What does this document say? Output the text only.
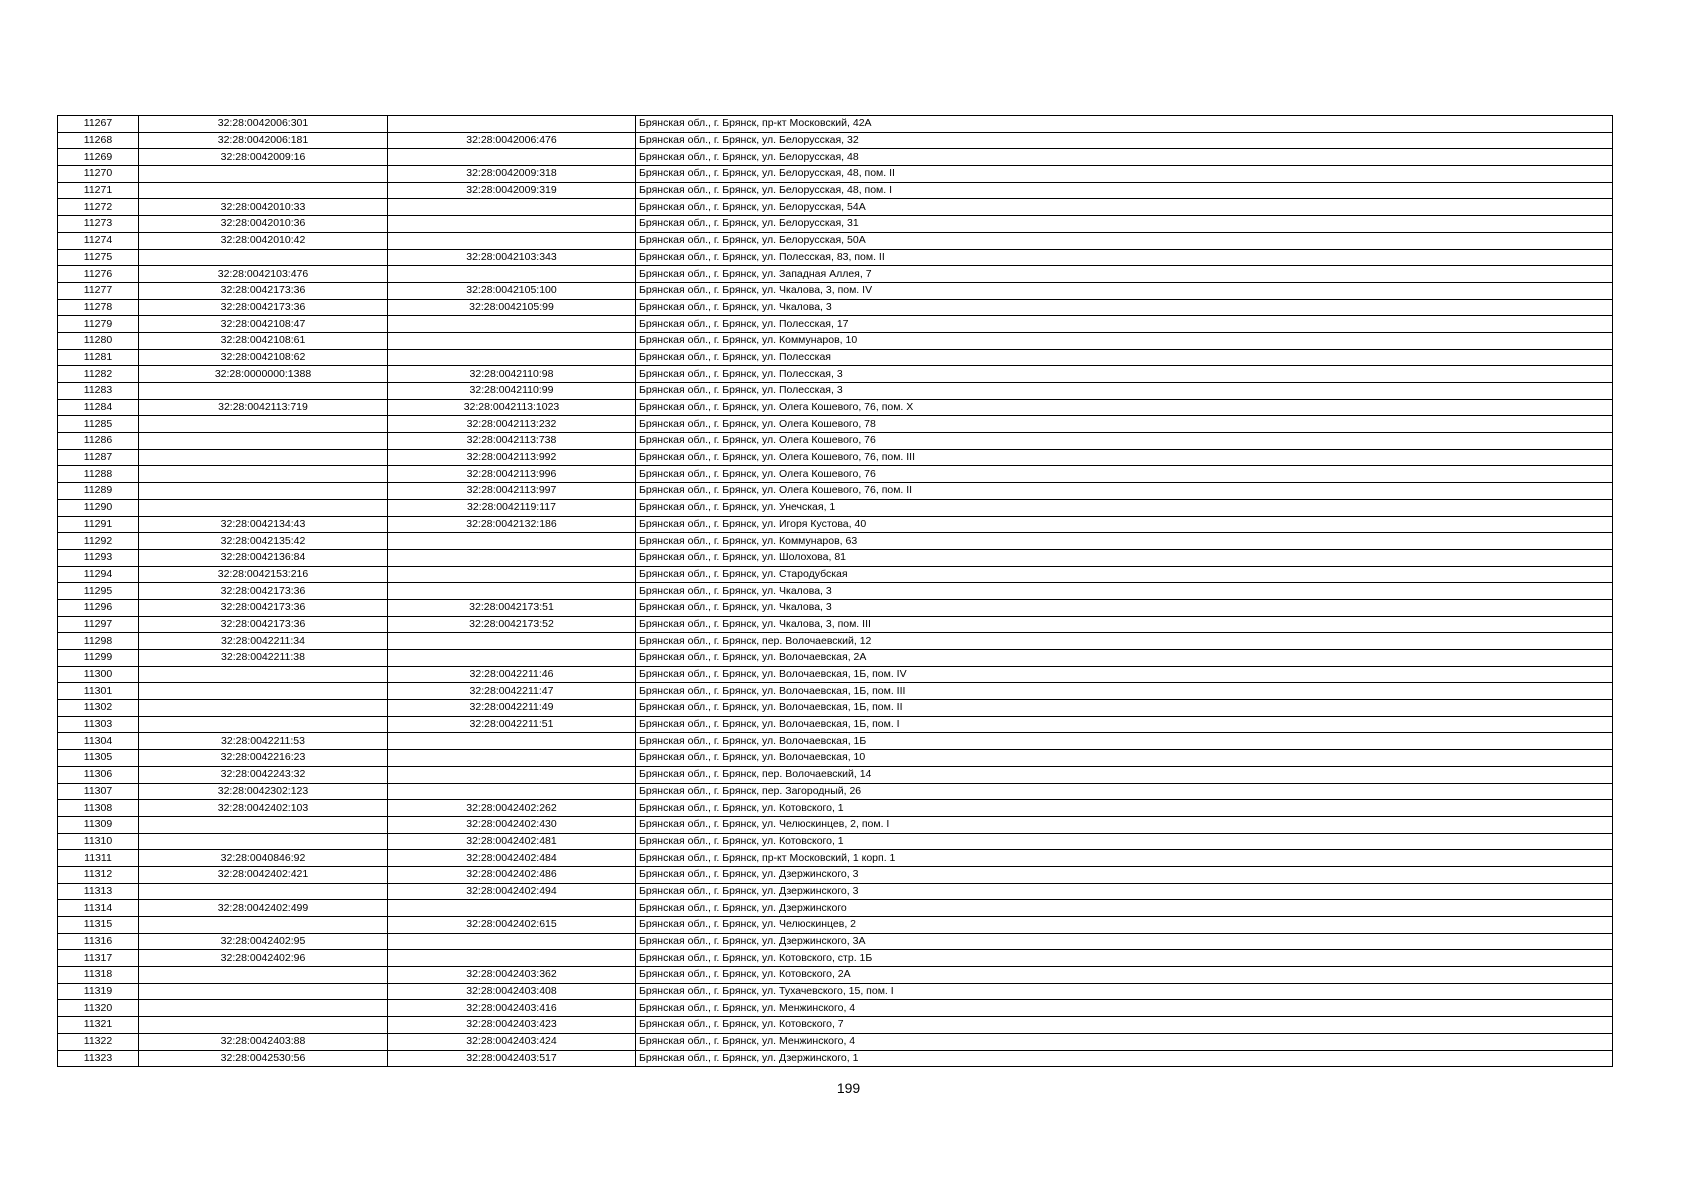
11267	32:28:0042006:301		Брянская обл., г. Брянск, пр-кт Московский, 42А
11268	32:28:0042006:181	32:28:0042006:476	Брянская обл., г. Брянск, ул. Белорусская, 32
11269	32:28:0042009:16		Брянская обл., г. Брянск, ул. Белорусская, 48
11270		32:28:0042009:318	Брянская обл., г. Брянск, ул. Белорусская, 48, пом. II
11271		32:28:0042009:319	Брянская обл., г. Брянск, ул. Белорусская, 48, пом. I
11272	32:28:0042010:33		Брянская обл., г. Брянск, ул. Белорусская, 54А
11273	32:28:0042010:36		Брянская обл., г. Брянск, ул. Белорусская, 31
11274	32:28:0042010:42		Брянская обл., г. Брянск, ул. Белорусская, 50А
11275		32:28:0042103:343	Брянская обл., г. Брянск, ул. Полесская, 83, пом. II
11276	32:28:0042103:476		Брянская обл., г. Брянск, ул. Западная Аллея, 7
11277	32:28:0042173:36	32:28:0042105:100	Брянская обл., г. Брянск, ул. Чкалова, 3, пом. IV
11278	32:28:0042173:36	32:28:0042105:99	Брянская обл., г. Брянск, ул. Чкалова, 3
11279	32:28:0042108:47		Брянская обл., г. Брянск, ул. Полесская, 17
11280	32:28:0042108:61		Брянская обл., г. Брянск, ул. Коммунаров, 10
11281	32:28:0042108:62		Брянская обл., г. Брянск, ул. Полесская
11282	32:28:0000000:1388	32:28:0042110:98	Брянская обл., г. Брянск, ул. Полесская, 3
11283		32:28:0042110:99	Брянская обл., г. Брянск, ул. Полесская, 3
11284	32:28:0042113:719	32:28:0042113:1023	Брянская обл., г. Брянск, ул. Олега Кошевого, 76, пом. X
11285		32:28:0042113:232	Брянская обл., г. Брянск, ул. Олега Кошевого, 78
11286		32:28:0042113:738	Брянская обл., г. Брянск, ул. Олега Кошевого, 76
11287		32:28:0042113:992	Брянская обл., г. Брянск, ул. Олега Кошевого, 76, пом. III
11288		32:28:0042113:996	Брянская обл., г. Брянск, ул. Олега Кошевого, 76
11289		32:28:0042113:997	Брянская обл., г. Брянск, ул. Олега Кошевого, 76, пом. II
11290		32:28:0042119:117	Брянская обл., г. Брянск, ул. Унечская, 1
11291	32:28:0042134:43	32:28:0042132:186	Брянская обл., г. Брянск, ул. Игоря Кустова, 40
11292	32:28:0042135:42		Брянская обл., г. Брянск, ул. Коммунаров, 63
11293	32:28:0042136:84		Брянская обл., г. Брянск, ул. Шолохова, 81
11294	32:28:0042153:216		Брянская обл., г. Брянск, ул. Стародубская
11295	32:28:0042173:36		Брянская обл., г. Брянск, ул. Чкалова, 3
11296	32:28:0042173:36	32:28:0042173:51	Брянская обл., г. Брянск, ул. Чкалова, 3
11297	32:28:0042173:36	32:28:0042173:52	Брянская обл., г. Брянск, ул. Чкалова, 3, пом. III
11298	32:28:0042211:34		Брянская обл., г. Брянск, пер. Волочаевский, 12
11299	32:28:0042211:38		Брянская обл., г. Брянск, ул. Волочаевская, 2А
11300		32:28:0042211:46	Брянская обл., г. Брянск, ул. Волочаевская, 1Б, пом. IV
11301		32:28:0042211:47	Брянская обл., г. Брянск, ул. Волочаевская, 1Б, пом. III
11302		32:28:0042211:49	Брянская обл., г. Брянск, ул. Волочаевская, 1Б, пом. II
11303		32:28:0042211:51	Брянская обл., г. Брянск, ул. Волочаевская, 1Б, пом. I
11304	32:28:0042211:53		Брянская обл., г. Брянск, ул. Волочаевская, 1Б
11305	32:28:0042216:23		Брянская обл., г. Брянск, ул. Волочаевская, 10
11306	32:28:0042243:32		Брянская обл., г. Брянск, пер. Волочаевский, 14
11307	32:28:0042302:123		Брянская обл., г. Брянск, пер. Загородный, 26
11308	32:28:0042402:103	32:28:0042402:262	Брянская обл., г. Брянск, ул. Котовского, 1
11309		32:28:0042402:430	Брянская обл., г. Брянск, ул. Челюскинцев, 2, пом. I
11310		32:28:0042402:481	Брянская обл., г. Брянск, ул. Котовского, 1
11311	32:28:0040846:92	32:28:0042402:484	Брянская обл., г. Брянск, пр-кт Московский, 1 корп. 1
11312	32:28:0042402:421	32:28:0042402:486	Брянская обл., г. Брянск, ул. Дзержинского, 3
11313		32:28:0042402:494	Брянская обл., г. Брянск, ул. Дзержинского, 3
11314	32:28:0042402:499		Брянская обл., г. Брянск, ул. Дзержинского
11315		32:28:0042402:615	Брянская обл., г. Брянск, ул. Челюскинцев, 2
11316	32:28:0042402:95		Брянская обл., г. Брянск, ул. Дзержинского, 3А
11317	32:28:0042402:96		Брянская обл., г. Брянск, ул. Котовского, стр. 1Б
11318		32:28:0042403:362	Брянская обл., г. Брянск, ул. Котовского, 2А
11319		32:28:0042403:408	Брянская обл., г. Брянск, ул. Тухачевского, 15, пом. I
11320		32:28:0042403:416	Брянская обл., г. Брянск, ул. Менжинского, 4
11321		32:28:0042403:423	Брянская обл., г. Брянск, ул. Котовского, 7
11322	32:28:0042403:88	32:28:0042403:424	Брянская обл., г. Брянск, ул. Менжинского, 4
11323	32:28:0042530:56	32:28:0042403:517	Брянская обл., г. Брянск, ул. Дзержинского, 1
199
